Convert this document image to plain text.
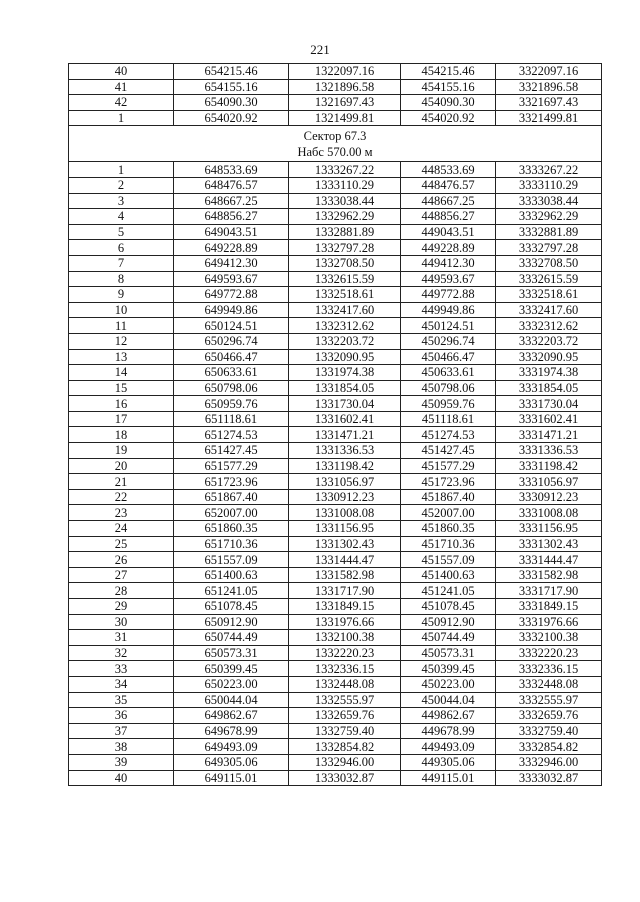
221
40	654215.46	1322097.16	454215.46	3322097.16
41	654155.16	1321896.58	454155.16	3321896.58
42	654090.30	1321697.43	454090.30	3321697.43
1	654020.92	1321499.81	454020.92	3321499.81

Сектор 67.3
Набс 570.00 м				

1	648533.69	1333267.22	448533.69	3333267.22
2	648476.57	1333110.29	448476.57	3333110.29
3	648667.25	1333038.44	448667.25	3333038.44
4	648856.27	1332962.29	448856.27	3332962.29
5	649043.51	1332881.89	449043.51	3332881.89
6	649228.89	1332797.28	449228.89	3332797.28
7	649412.30	1332708.50	449412.30	3332708.50
8	649593.67	1332615.59	449593.67	3332615.59
9	649772.88	1332518.61	449772.88	3332518.61
10	649949.86	1332417.60	449949.86	3332417.60
11	650124.51	1332312.62	450124.51	3332312.62
12	650296.74	1332203.72	450296.74	3332203.72
13	650466.47	1332090.95	450466.47	3332090.95
14	650633.61	1331974.38	450633.61	3331974.38
15	650798.06	1331854.05	450798.06	3331854.05
16	650959.76	1331730.04	450959.76	3331730.04
17	651118.61	1331602.41	451118.61	3331602.41
18	651274.53	1331471.21	451274.53	3331471.21
19	651427.45	1331336.53	451427.45	3331336.53
20	651577.29	1331198.42	451577.29	3331198.42
21	651723.96	1331056.97	451723.96	3331056.97
22	651867.40	1330912.23	451867.40	3330912.23
23	652007.00	1331008.08	452007.00	3331008.08
24	651860.35	1331156.95	451860.35	3331156.95
25	651710.36	1331302.43	451710.36	3331302.43
26	651557.09	1331444.47	451557.09	3331444.47
27	651400.63	1331582.98	451400.63	3331582.98
28	651241.05	1331717.90	451241.05	3331717.90
29	651078.45	1331849.15	451078.45	3331849.15
30	650912.90	1331976.66	450912.90	3331976.66
31	650744.49	1332100.38	450744.49	3332100.38
32	650573.31	1332220.23	450573.31	3332220.23
33	650399.45	1332336.15	450399.45	3332336.15
34	650223.00	1332448.08	450223.00	3332448.08
35	650044.04	1332555.97	450044.04	3332555.97
36	649862.67	1332659.76	449862.67	3332659.76
37	649678.99	1332759.40	449678.99	3332759.40
38	649493.09	1332854.82	449493.09	3332854.82
39	649305.06	1332946.00	449305.06	3332946.00
40	649115.01	1333032.87	449115.01	3333032.87
